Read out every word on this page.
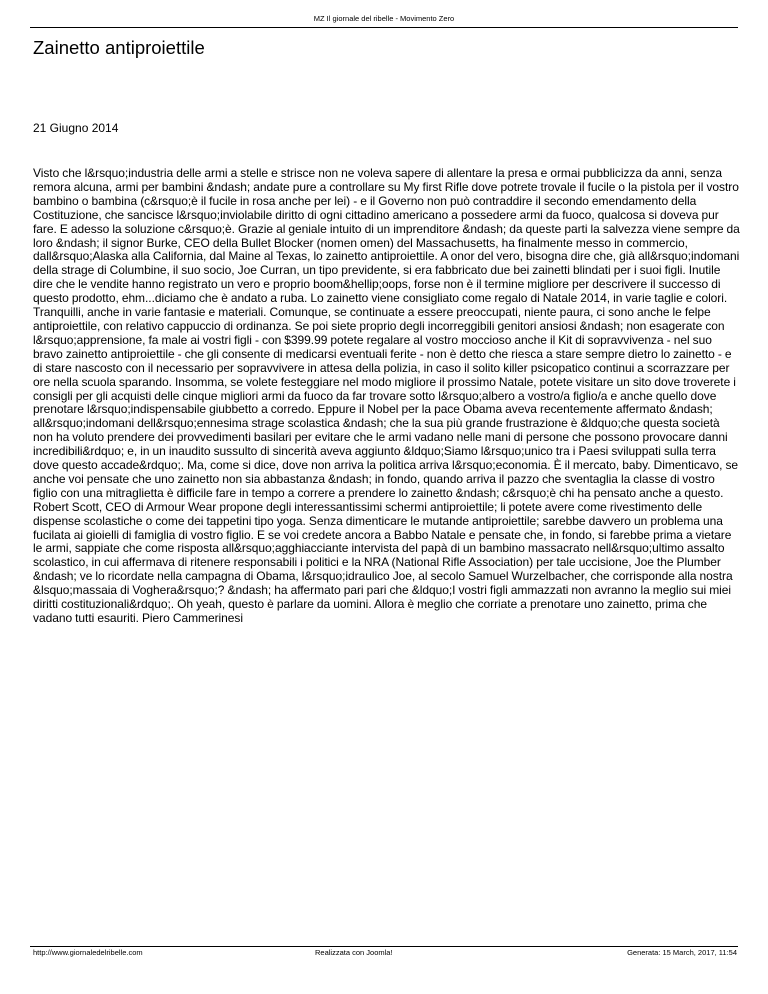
MZ Il giornale del ribelle - Movimento Zero
Zainetto antiproiettile
21 Giugno 2014

Visto che l&rsquo;industria delle armi a stelle e strisce non ne voleva sapere di allentare la presa e ormai pubblicizza da anni, senza remora alcuna, armi per bambini &ndash; andate pure a controllare su My first Rifle dove potrete trovale il fucile o la pistola per il vostro bambino o bambina (c&rsquo;è il fucile in rosa anche per lei) - e il Governo non può contraddire il secondo emendamento della Costituzione, che sancisce l&rsquo;inviolabile diritto di ogni cittadino americano a possedere armi da fuoco, qualcosa si doveva pur fare. E adesso la soluzione c&rsquo;è. Grazie al geniale intuito di un imprenditore &ndash; da queste parti la salvezza viene sempre da loro &ndash; il signor Burke, CEO della Bullet Blocker (nomen omen) del Massachusetts, ha finalmente messo in commercio, dall&rsquo;Alaska alla California, dal Maine al Texas, lo zainetto antiproiettile. A onor del vero, bisogna dire che, già all&rsquo;indomani della strage di Columbine, il suo socio, Joe Curran, un tipo previdente, si era fabbricato due bei zainetti blindati per i suoi figli. Inutile dire che le vendite hanno registrato un vero e proprio boom&hellip;oops, forse non è il termine migliore per descrivere il successo di questo prodotto, ehm...diciamo che è andato a ruba. Lo zainetto viene consigliato come regalo di Natale 2014, in varie taglie e colori. Tranquilli, anche in varie fantasie e materiali. Comunque, se continuate a essere preoccupati, niente paura, ci sono anche le felpe antiproiettile, con relativo cappuccio di ordinanza. Se poi siete proprio degli incorreggibili genitori ansiosi &ndash; non esagerate con l&rsquo;apprensione, fa male ai vostri figli - con $399.99 potete regalare al vostro moccioso anche il Kit di sopravvivenza - nel suo bravo zainetto antiproiettile - che gli consente di medicarsi eventuali ferite - non è detto che riesca a stare sempre dietro lo zainetto - e di stare nascosto con il necessario per sopravvivere in attesa della polizia, in caso il solito killer psicopatico continui a scorrazzare per ore nella scuola sparando. Insomma, se volete festeggiare nel modo migliore il prossimo Natale, potete visitare un sito dove troverete i consigli per gli acquisti delle cinque migliori armi da fuoco da far trovare sotto l&rsquo;albero a vostro/a figlio/a e anche quello dove prenotare l&rsquo;indispensabile giubbetto a corredo. Eppure il Nobel per la pace Obama aveva recentemente affermato &ndash; all&rsquo;indomani dell&rsquo;ennesima strage scolastica &ndash; che la sua più grande frustrazione è &ldquo;che questa società non ha voluto prendere dei provvedimenti basilari per evitare che le armi vadano nelle mani di persone che possono provocare danni incredibili&rdquo; e, in un inaudito sussulto di sincerità aveva aggiunto &ldquo;Siamo l&rsquo;unico tra i Paesi sviluppati sulla terra dove questo accade&rdquo;. Ma, come si dice, dove non arriva la politica arriva l&rsquo;economia. È il mercato, baby. Dimenticavo, se anche voi pensate che uno zainetto non sia abbastanza &ndash; in fondo, quando arriva il pazzo che sventaglia la classe di vostro figlio con una mitraglietta è difficile fare in tempo a correre a prendere lo zainetto &ndash; c&rsquo;è chi ha pensato anche a questo. Robert Scott, CEO di Armour Wear propone degli interessantissimi schermi antiproiettile; li potete avere come rivestimento delle dispense scolastiche o come dei tappetini tipo yoga. Senza dimenticare le mutande antiproiettile; sarebbe davvero un problema una fucilata ai gioielli di famiglia di vostro figlio. E se voi credete ancora a Babbo Natale e pensate che, in fondo, si farebbe prima a vietare le armi, sappiate che come risposta all&rsquo;agghiacciante intervista del papà di un bambino massacrato nell&rsquo;ultimo assalto scolastico, in cui affermava di ritenere responsabili i politici e la NRA (National Rifle Association) per tale uccisione, Joe the Plumber &ndash; ve lo ricordate nella campagna di Obama, l&rsquo;idraulico Joe, al secolo Samuel Wurzelbacher, che corrisponde alla nostra &lsquo;massaia di Voghera&rsquo;? &ndash; ha affermato pari pari che &ldquo;I vostri figli ammazzati non avranno la meglio sui miei diritti costituzionali&rdquo;. Oh yeah, questo è parlare da uomini. Allora è meglio che corriate a prenotare uno zainetto, prima che vadano tutti esauriti. Piero Cammerinesi

http://www.giornaledelribelle.com	Realizzata con Joomla!	Generata: 15 March, 2017, 11:54
